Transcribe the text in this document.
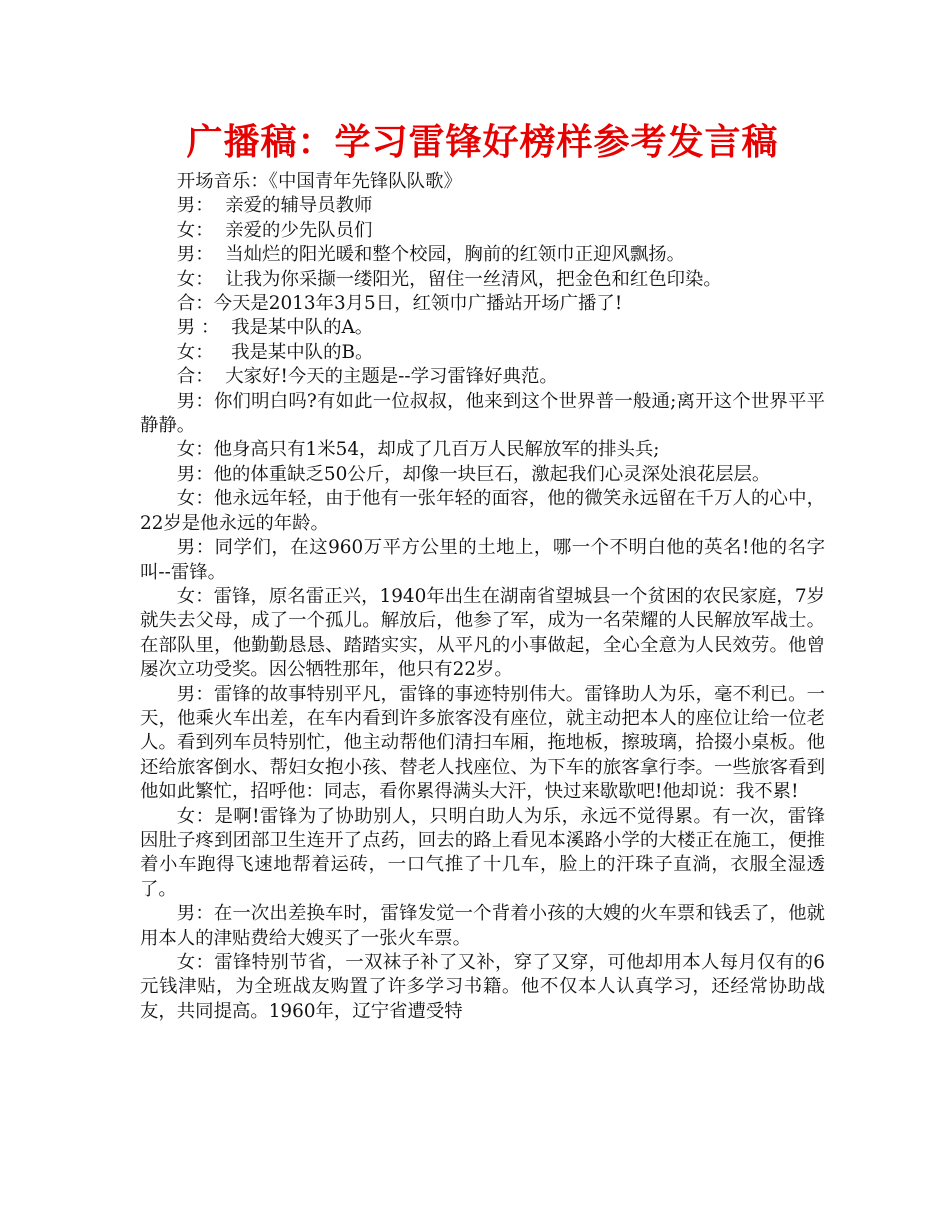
广播稿：学习雷锋好榜样参考发言稿

开场音乐：《中国青年先锋队队歌》

男：  亲爱的辅导员教师

女：  亲爱的少先队员们

男：  当灿烂的阳光暖和整个校园，胸前的红领巾正迎风飘扬。

女：  让我为你采撷一缕阳光，留住一丝清风，把金色和红色印染。

合：今天是2013年3月5日，红领巾广播站开场广播了!

男 ：  我是某中队的A。

女：   我是某中队的B。

合：  大家好!今天的主题是--学习雷锋好典范。

男：你们明白吗?有如此一位叔叔，他来到这个世界普一般通;离开这个世界平平静静。

女：他身高只有1米54，却成了几百万人民解放军的排头兵;

男：他的体重缺乏50公斤，却像一块巨石，激起我们心灵深处浪花层层。

女：他永远年轻，由于他有一张年轻的面容，他的微笑永远留在千万人的心中，22岁是他永远的年龄。

男：同学们，在这960万平方公里的土地上，哪一个不明白他的英名!他的名字叫--雷锋。

女：雷锋，原名雷正兴，1940年出生在湖南省望城县一个贫困的农民家庭，7岁就失去父母，成了一个孤儿。解放后，他参了军，成为一名荣耀的人民解放军战士。在部队里，他勤勤恳恳、踏踏实实，从平凡的小事做起，全心全意为人民效劳。他曾屡次立功受奖。因公牺牲那年，他只有22岁。

男：雷锋的故事特别平凡，雷锋的事迹特别伟大。雷锋助人为乐，毫不利已。一天，他乘火车出差，在车内看到许多旅客没有座位，就主动把本人的座位让给一位老人。看到列车员特别忙，他主动帮他们清扫车厢，拖地板，擦玻璃，拾掇小桌板。他还给旅客倒水、帮妇女抱小孩、替老人找座位、为下车的旅客拿行李。一些旅客看到他如此繁忙，招呼他：同志，看你累得满头大汗，快过来歇歇吧!他却说：我不累!

女：是啊!雷锋为了协助别人，只明白助人为乐，永远不觉得累。有一次，雷锋因肚子疼到团部卫生连开了点药，回去的路上看见本溪路小学的大楼正在施工，便推着小车跑得飞速地帮着运砖，一口气推了十几车，脸上的汗珠子直淌，衣服全湿透了。

男：在一次出差换车时，雷锋发觉一个背着小孩的大嫂的火车票和钱丢了，他就用本人的津贴费给大嫂买了一张火车票。

女：雷锋特别节省，一双袜子补了又补，穿了又穿，可他却用本人每月仅有的6元钱津贴，为全班战友购置了许多学习书籍。他不仅本人认真学习，还经常协助战友，共同提高。1960年，辽宁省遭受特
